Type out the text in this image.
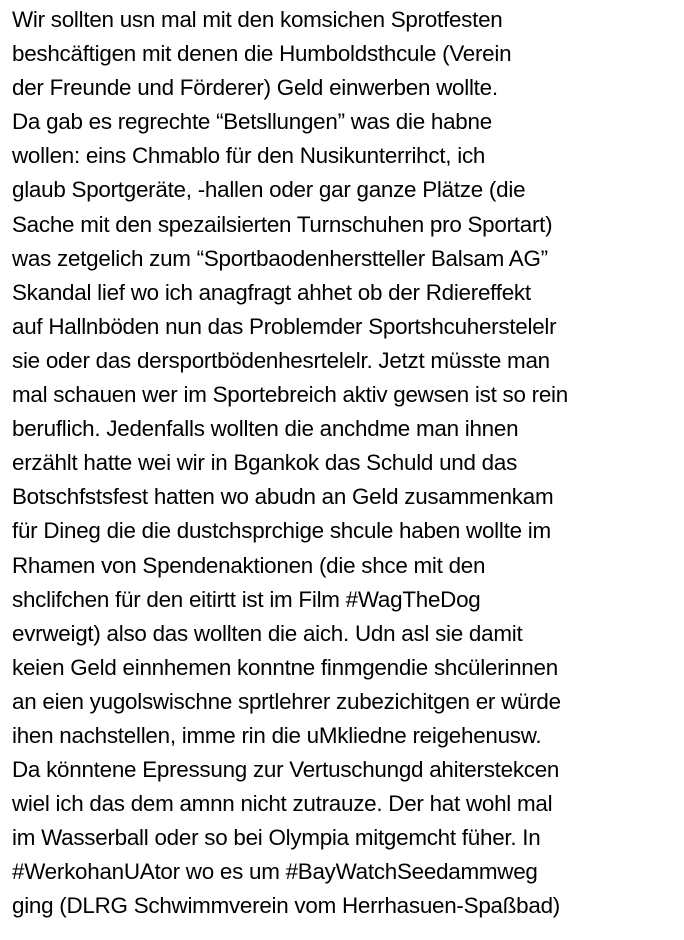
Wir sollten usn mal mit den komsichen Sprotfesten
beshcäftigen mit denen die Humboldsthcule (Verein
der Freunde und Förderer) Geld einwerben wollte.
Da gab es regrechte “Betsllungen” was die habne
wollen: eins Chmablo für den Nusikunterrihct, ich
glaub Sportgeräte, -hallen oder gar ganze Plätze (die
Sache mit den spezailsierten Turnschuhen pro Sportart)
was zetgelich zum “Sportbaodenherstteller Balsam AG”
Skandal lief wo ich anagfragt ahhet ob der Rdiereffekt
auf Hallnböden nun das Problemder Sportshcuherstelelr
sie oder das dersportbödenhesrtelelr. Jetzt müsste man
mal schauen wer im Sportebreich aktiv gewsen ist so rein
beruflich. Jedenfalls wollten die anchdme man ihnen
erzählt hatte wei wir in Bgankok das Schuld und das
Botschfstsfest hatten wo abudn an Geld zusammenkam
für Dineg die die dustchsprchige shcule haben wollte im
Rhamen von Spendenaktionen (die shce mit den
shclifchen für den eitirtt ist im Film #WagTheDog
evrweigt) also das wollten die aich. Udn asl sie damit
keien Geld einnhemen konntne finmgendie shcülerinnen
an eien yugolswischne sprtlehrer zubezichitgen er würde
ihen nachstellen, imme rin die uMkliedne reigehenusw.
Da könntene Epressung zur Vertuschungd ahiterstekcen
wiel ich das dem amnn nicht zutrauze. Der hat wohl mal
im Wasserball oder so bei Olympia mitgemcht füher. In
#WerkohanUAtor wo es um #BayWatchSeedammweg
ging (DLRG Schwimmverein vom Herrhasuen-Spaßbad)
